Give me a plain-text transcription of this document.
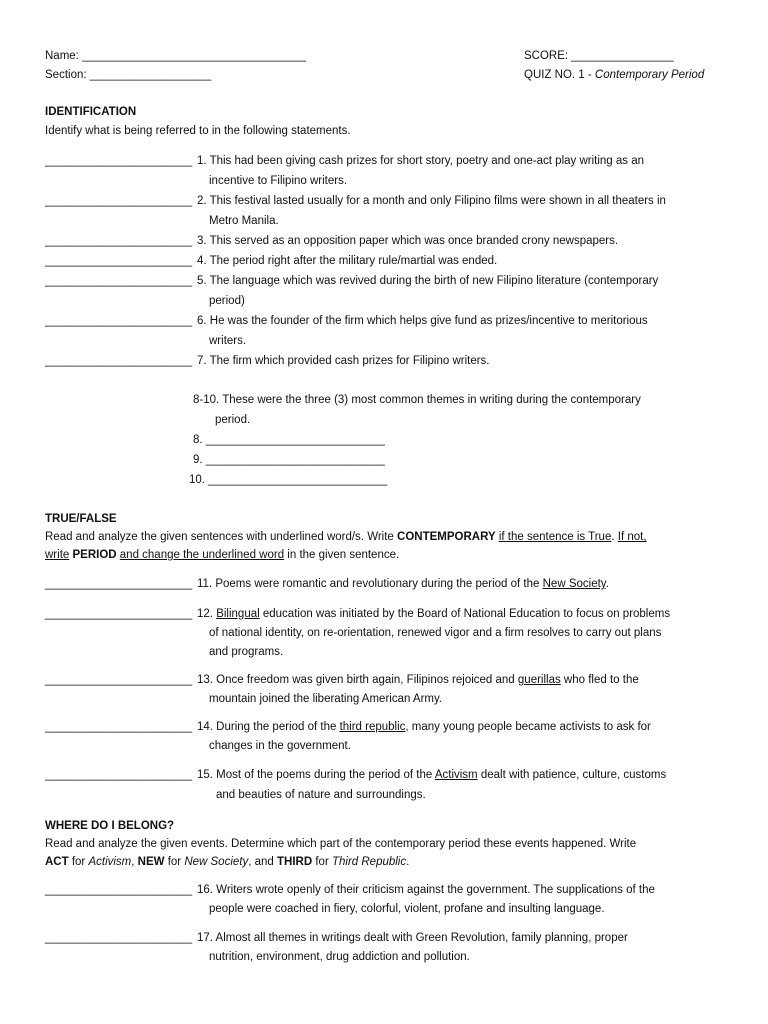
Name: ___________________________________
Section: ___________________
SCORE: ________________
QUIZ NO. 1 - Contemporary Period
IDENTIFICATION
Identify what is being referred to in the following statements.
_______________________ 1. This had been giving cash prizes for short story, poetry and one-act play writing as an
incentive to Filipino writers.
_______________________ 2. This festival lasted usually for a month and only Filipino films were shown in all theaters in
Metro Manila.
_______________________ 3. This served as an opposition paper which was once branded crony newspapers.
_______________________ 4. The period right after the military rule/martial was ended.
_______________________ 5. The language which was revived during the birth of new Filipino literature (contemporary
period)
_______________________ 6. He was the founder of the firm which helps give fund as prizes/incentive to meritorious
writers.
_______________________ 7. The firm which provided cash prizes for Filipino writers.
8-10. These were the three (3) most common themes in writing during the contemporary
period.
8. ____________________________
9. ____________________________
10. ____________________________
TRUE/FALSE
Read and analyze the given sentences with underlined word/s. Write CONTEMPORARY if the sentence is True. If not,
write PERIOD and change the underlined word in the given sentence.
_______________________ 11. Poems were romantic and revolutionary during the period of the New Society.
_______________________ 12. Bilingual education was initiated by the Board of National Education to focus on problems
of national identity, on re-orientation, renewed vigor and a firm resolves to carry out plans
and programs.
_______________________ 13. Once freedom was given birth again, Filipinos rejoiced and guerillas who fled to the
mountain joined the liberating American Army.
_______________________ 14. During the period of the third republic, many young people became activists to ask for
changes in the government.
_______________________ 15. Most of the poems during the period of the Activism dealt with patience, culture, customs
and beauties of nature and surroundings.
WHERE DO I BELONG?
Read and analyze the given events. Determine which part of the contemporary period these events happened. Write
ACT for Activism, NEW for New Society, and THIRD for Third Republic.
_______________________ 16. Writers wrote openly of their criticism against the government. The supplications of the
people were coached in fiery, colorful, violent, profane and insulting language.
_______________________ 17. Almost all themes in writings dealt with Green Revolution, family planning, proper
nutrition, environment, drug addiction and pollution.
